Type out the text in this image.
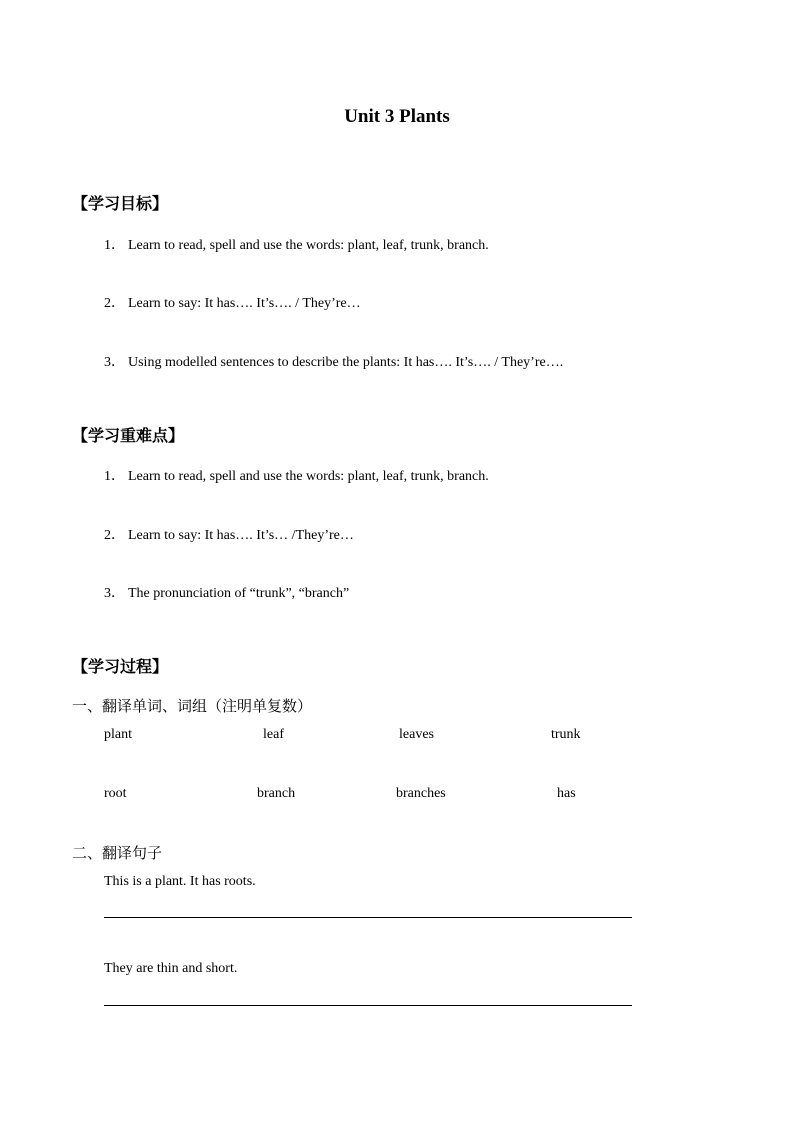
Unit 3 Plants
【学习目标】
1． Learn to read, spell and use the words: plant, leaf, trunk, branch.
2． Learn to say: It has…. It’s…. / They’re…
3． Using modelled sentences to describe the plants: It has…. It’s…. / They’re….
【学习重难点】
1． Learn to read, spell and use the words: plant, leaf, trunk, branch.
2． Learn to say: It has…. It’s… /They’re…
3． The pronunciation of “trunk”, “branch”
【学习过程】
一、翻译单词、词组（注明单复数）
plant	leaf	leaves	trunk
root	branch	branches	has
二、翻译句子
This is a plant. It has roots.
They are thin and short.
